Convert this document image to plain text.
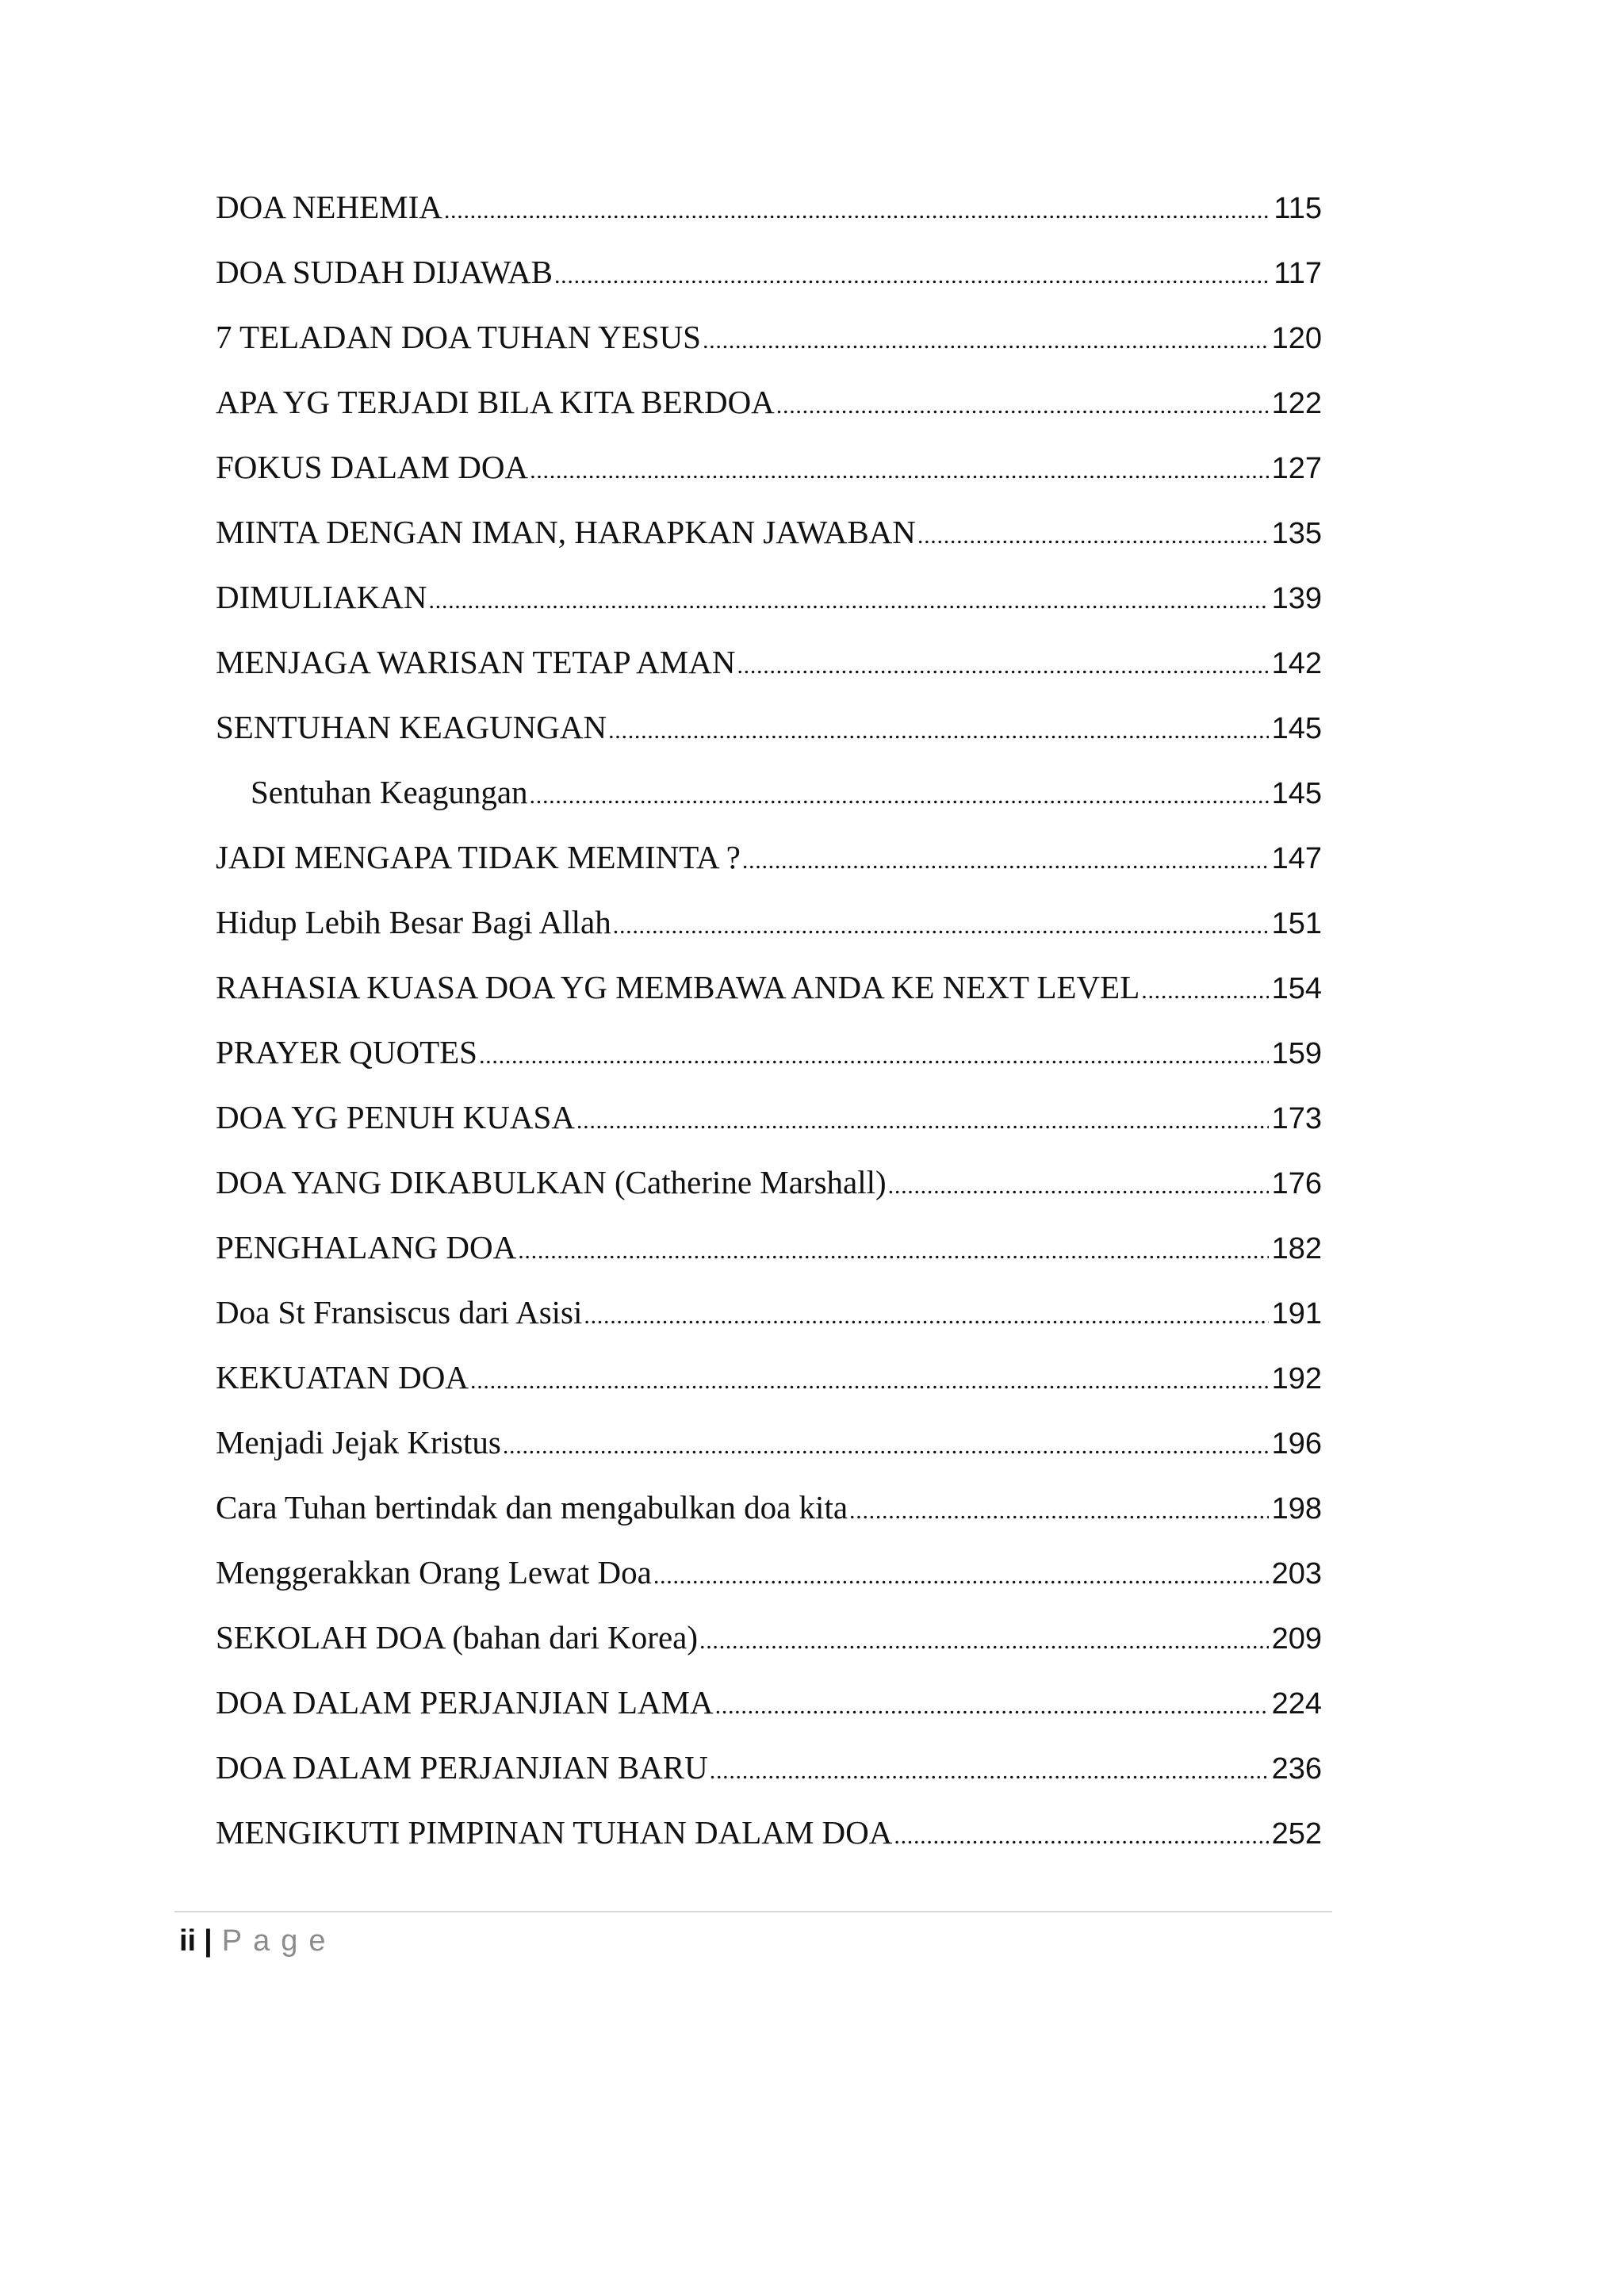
DOA NEHEMIA . . .	115
DOA SUDAH DIJAWAB . . .	117
7 TELADAN DOA TUHAN YESUS . . .	120
APA YG TERJADI BILA KITA BERDOA . . .	122
FOKUS DALAM DOA . . .	127
MINTA DENGAN IMAN, HARAPKAN JAWABAN . . .	135
DIMULIAKAN . . .	139
MENJAGA WARISAN TETAP AMAN . . .	142
SENTUHAN KEAGUNGAN . . .	145
Sentuhan Keagungan . . .	145
JADI MENGAPA TIDAK MEMINTA ? . . .	147
Hidup Lebih Besar Bagi Allah . . .	151
RAHASIA KUASA DOA YG MEMBAWA ANDA KE NEXT LEVEL . . .	154
PRAYER QUOTES . . .	159
DOA YG PENUH KUASA . . .	173
DOA YANG DIKABULKAN (Catherine Marshall) . . .	176
PENGHALANG DOA . . .	182
Doa St Fransiscus dari Asisi . . .	191
KEKUATAN DOA . . .	192
Menjadi Jejak Kristus . . .	196
Cara Tuhan bertindak dan mengabulkan doa kita . . .	198
Menggerakkan Orang Lewat Doa . . .	203
SEKOLAH DOA (bahan dari Korea) . . .	209
DOA DALAM PERJANJIAN LAMA . . .	224
DOA DALAM PERJANJIAN BARU . . .	236
MENGIKUTI PIMPINAN TUHAN DALAM DOA . . .	252
ii | Page
